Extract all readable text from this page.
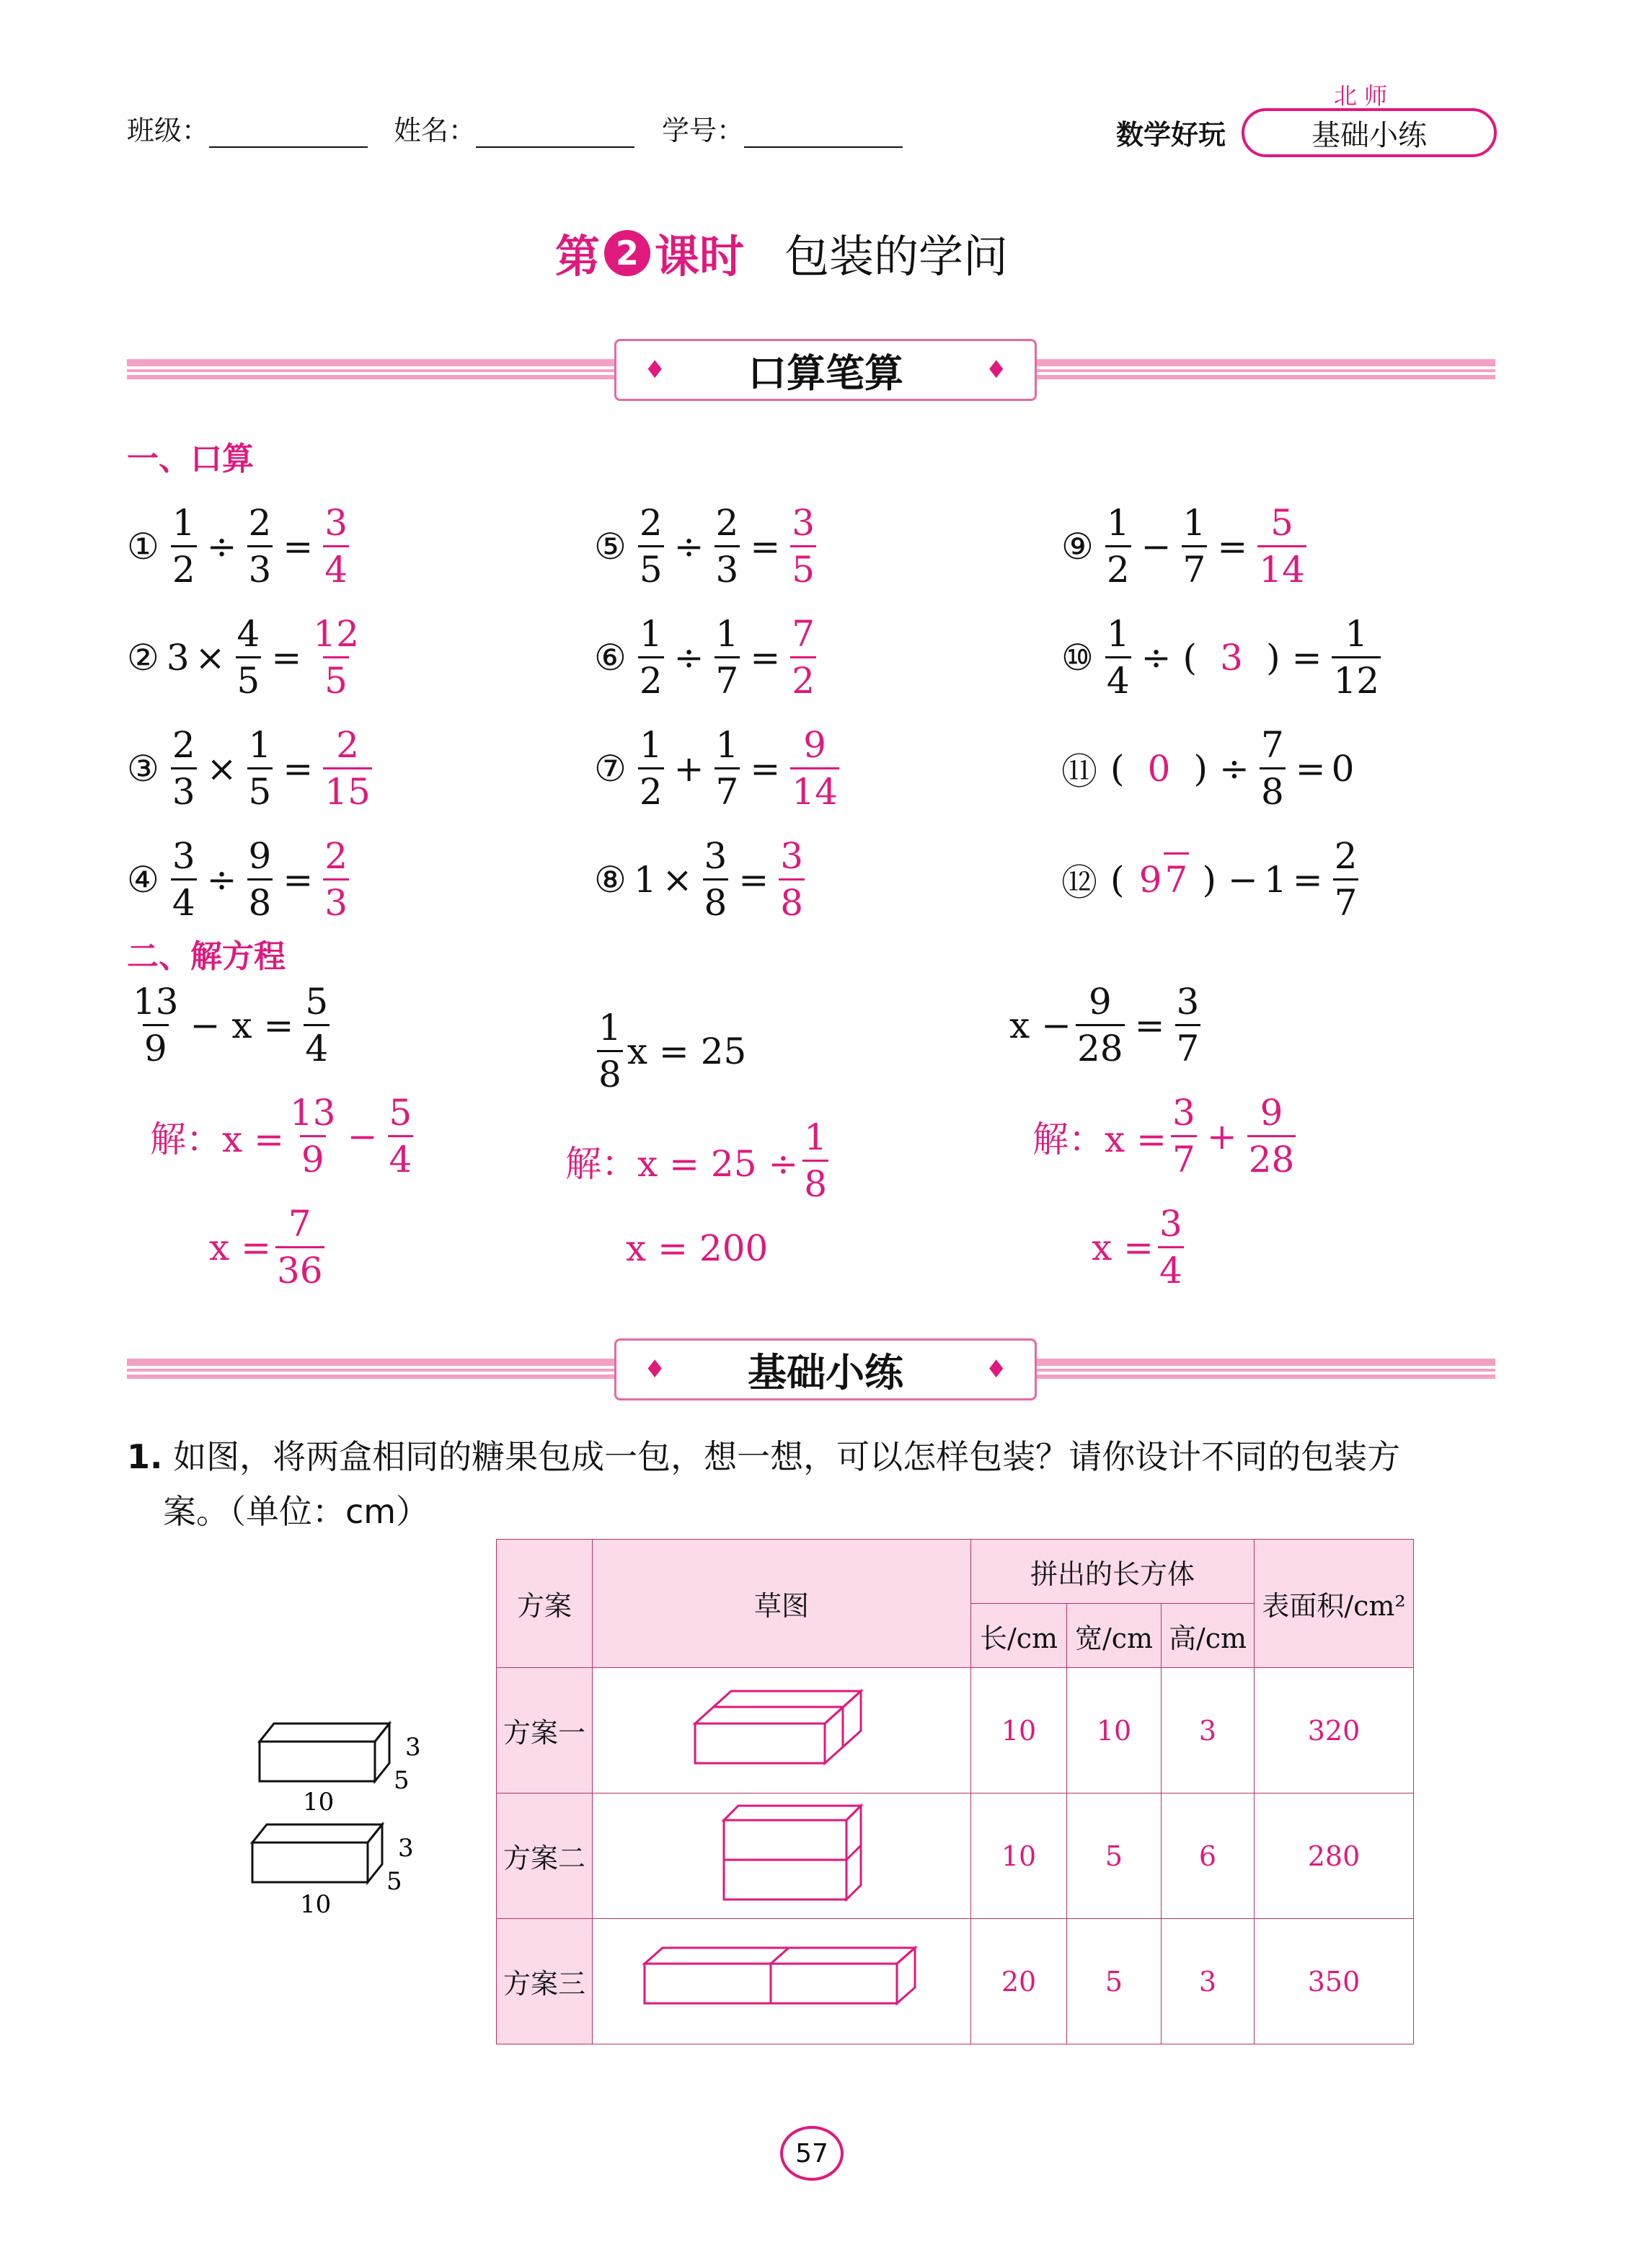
班级：	姓名：	学号：	数学好玩
北 师
基础小练
第 2 课时 包装的学问
♦ 口算笔算	♦
一、口算
① $\frac{1}{2} \div \frac{2}{3} = \frac{3}{4}$
② $3 \times \frac{4}{5} = \frac{12}{5}$
③ $\frac{2}{3} \times \frac{1}{5} = \frac{2}{15}$
④ $\frac{3}{4} \div \frac{9}{8} = \frac{2}{3}$
⑤ $\frac{2}{5} \div \frac{2}{3} = \frac{3}{5}$
⑥ $\frac{1}{2} \div \frac{1}{7} = \frac{7}{2}$
⑦ $\frac{1}{2} + \frac{1}{7} = \frac{9}{14}$
⑧ $1 \times \frac{3}{8} = \frac{3}{8}$
⑨ $\frac{1}{2} - \frac{1}{7} = \frac{5}{14}$
⑩ $\frac{1}{4}$ ÷ ( 3 ) = $\frac{1}{12}$
⑪ ( 0 ) ÷ $\frac{7}{8} = 0$
⑫ ( 97 ) − $1 = \frac{2}{7}$
二、解方程
$\frac{13}{9} - x = \frac{5}{4}$
解：$x = \frac{13}{9} - \frac{5}{4}$
$x = \frac{7}{36}$
$\frac{1}{8}$ x = 25
解：$x = 25 \div \frac{1}{8}$
x = 200
$x - \frac{9}{28} = \frac{3}{7}$
解：$x = \frac{3}{7} + \frac{9}{28}$
$x = \frac{3}{4}$
♦ 基础小练	♦
1. 如图，将两盒相同的糖果包成一包，想一想，可以怎样包装？请你设计不同的包装方
案。（单位：cm）
3
5
10
3
5
10
方案	草图	拼出的长方体			表面积/cm²
		长/cm	宽/cm	高/cm	
方案一		10	10	3	320
方案二		10	5	6	280
方案三		20	5	3	350
57
